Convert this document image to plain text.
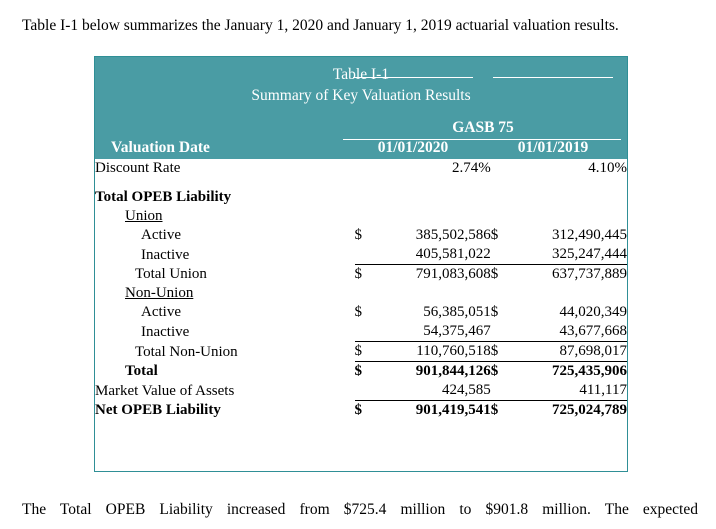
Table I-1 below summarizes the January 1, 2020 and January 1, 2019 actuarial valuation results.
Table I-1
Summary of Key Valuation Results
GASB 75
Valuation Date	01/01/2020	01/01/2019
Discount Rate		2.74%		4.10%

Total OPEB Liability				
Union				
Active	$	385,502,586	$	312,490,445
Inactive		405,581,022		325,247,444
Total Union	$	791,083,608	$	637,737,889
Non-Union				
Active	$	56,385,051	$	44,020,349
Inactive		54,375,467		43,677,668
Total Non-Union	$	110,760,518	$	87,698,017
Total	$	901,844,126	$	725,435,906
Market Value of Assets		424,585		411,117
Net OPEB Liability	$	901,419,541	$	725,024,789
The Total OPEB Liability increased from $725.4 million to $901.8 million. The expected
